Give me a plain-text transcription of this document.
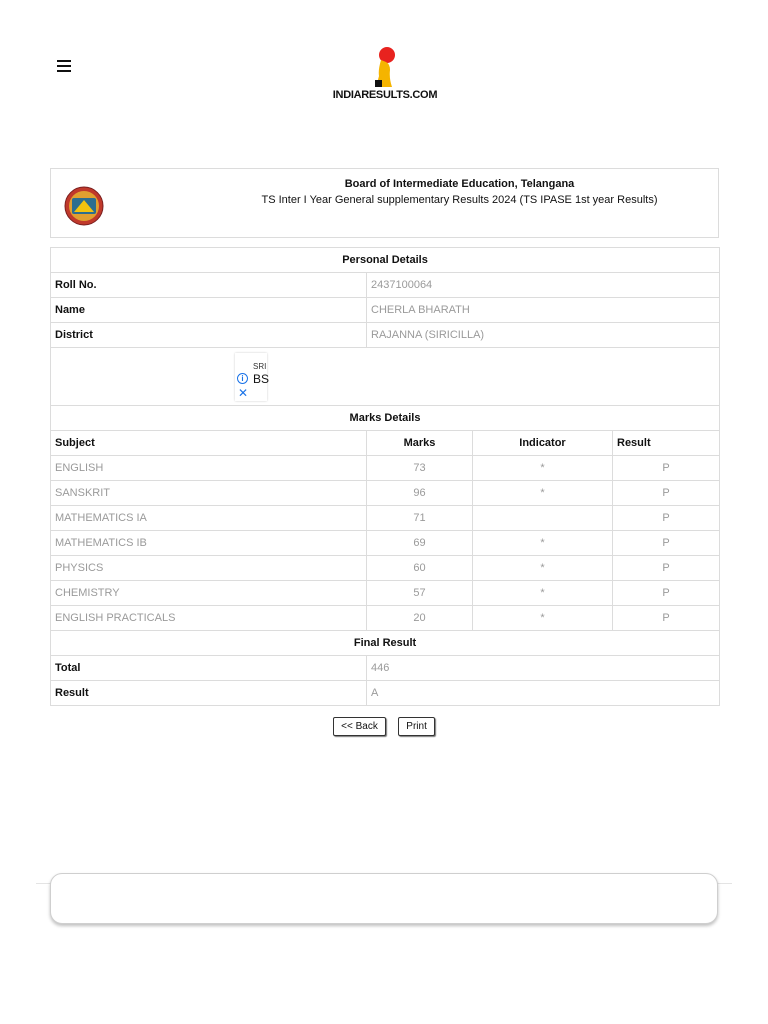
INDIARESULTS.COM
Board of Intermediate Education, Telangana
TS Inter I Year General supplementary Results 2024 (TS IPASE 1st year Results)
Personal Details			
Roll No.	2437100064		
Name	CHERLA BHARATH		
District	RAJANNA (SIRICILLA)		

SRI
i BS
✕			

Marks Details			
Subject	Marks	Indicator	Result
ENGLISH	73	*	P
SANSKRIT	96	*	P
MATHEMATICS IA	71		P
MATHEMATICS IB	69	*	P
PHYSICS	60	*	P
CHEMISTRY	57	*	P
ENGLISH PRACTICALS	20	*	P
Final Result			
Total	446		
Result	A		
<< Back	Print
